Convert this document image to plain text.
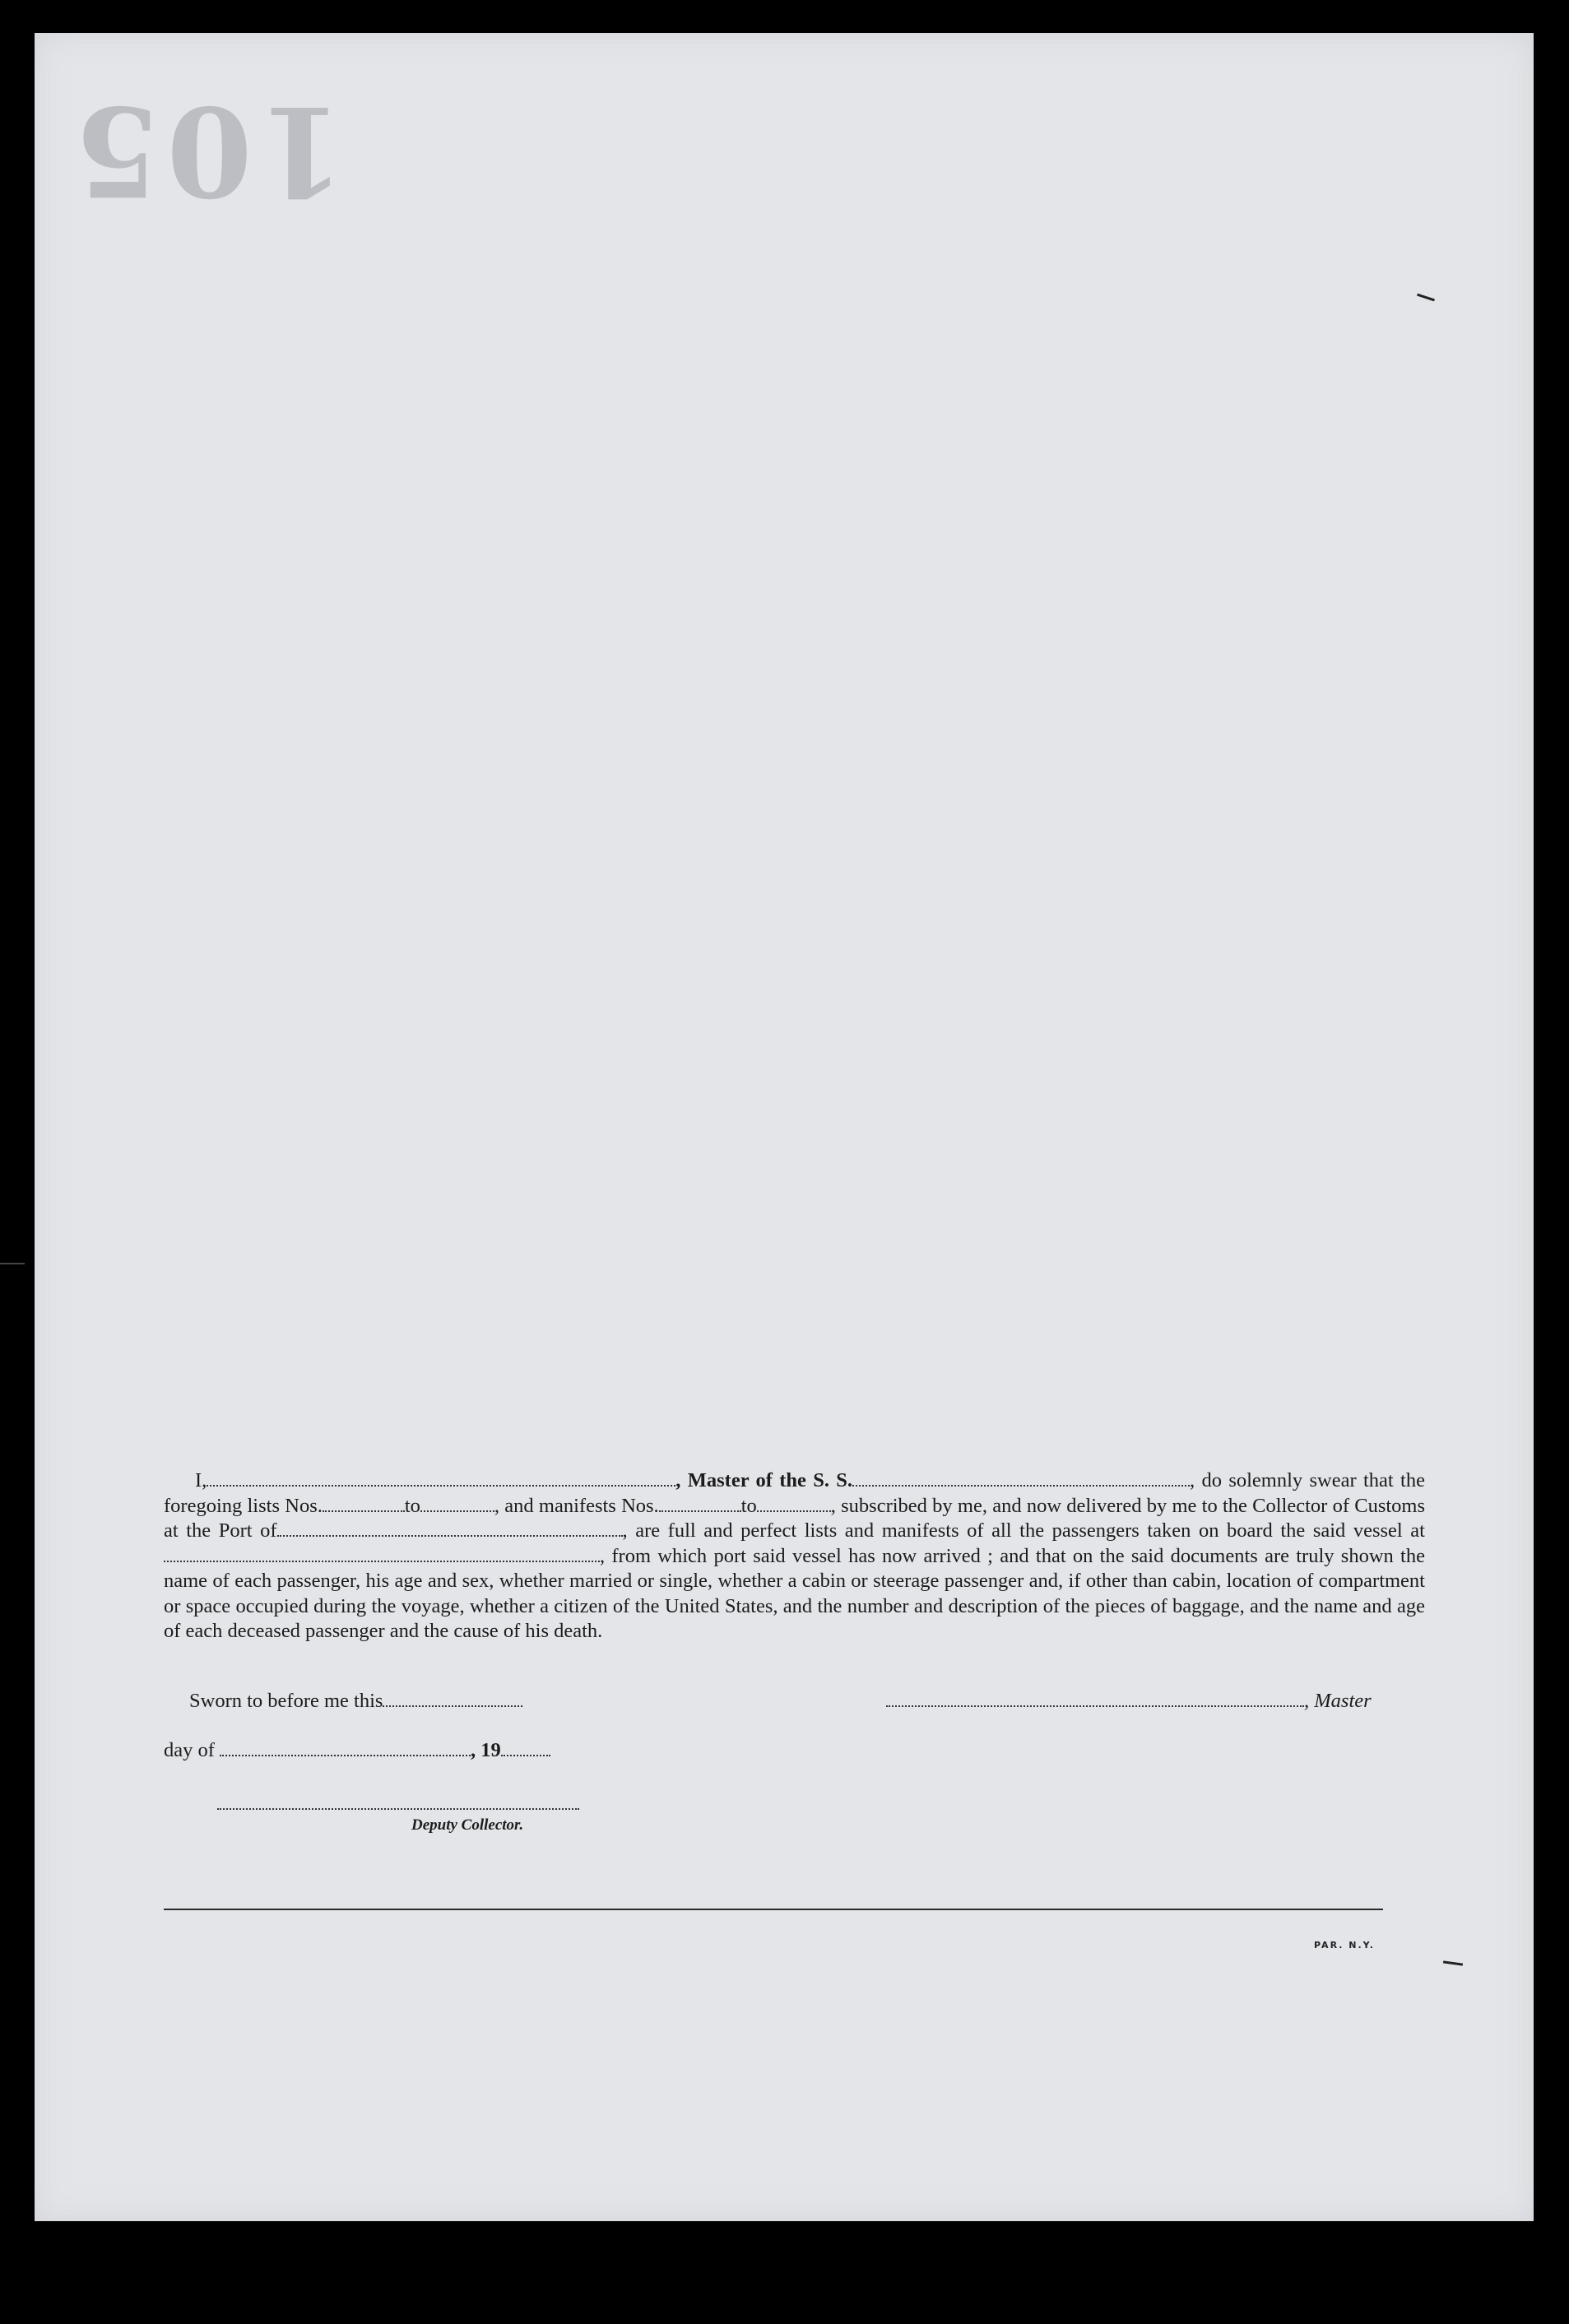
105

I,	, Master of the S. S.	, do solemnly swear that the foregoing lists Nos.	to	, and manifests Nos.	to	, subscribed by me, and now delivered by me to the Collector of Customs at the Port of	, are full and perfect lists and manifests of all the passengers taken on board the said vessel at, from which port said vessel has now arrived ; and that on the said documents are truly shown the name of each passenger, his age and sex, whether married or single, whether a cabin or steerage passenger and, if other than cabin, location of compartment or space occupied during the voyage, whether a citizen of the United States, and the number and description of the pieces of baggage, and the name and age of each deceased passenger and the cause of his death.

Sworn to before me this	, Master
day of	, 19
Deputy Collector.
PAR. N.Y.
